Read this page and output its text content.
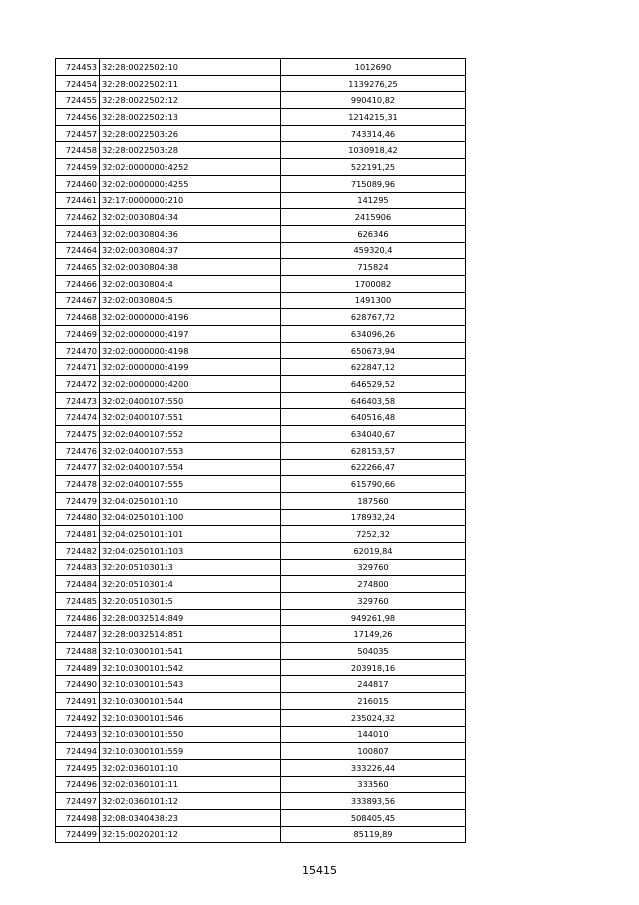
724453	32:28:0022502:10	1012690
724454	32:28:0022502:11	1139276,25
724455	32:28:0022502:12	990410,82
724456	32:28:0022502:13	1214215,31
724457	32:28:0022503:26	743314,46
724458	32:28:0022503:28	1030918,42
724459	32:02:0000000:4252	522191,25
724460	32:02:0000000:4255	715089,96
724461	32:17:0000000:210	141295
724462	32:02:0030804:34	2415906
724463	32:02:0030804:36	626346
724464	32:02:0030804:37	459320,4
724465	32:02:0030804:38	715824
724466	32:02:0030804:4	1700082
724467	32:02:0030804:5	1491300
724468	32:02:0000000:4196	628767,72
724469	32:02:0000000:4197	634096,26
724470	32:02:0000000:4198	650673,94
724471	32:02:0000000:4199	622847,12
724472	32:02:0000000:4200	646529,52
724473	32:02:0400107:550	646403,58
724474	32:02:0400107:551	640516,48
724475	32:02:0400107:552	634040,67
724476	32:02:0400107:553	628153,57
724477	32:02:0400107:554	622266,47
724478	32:02:0400107:555	615790,66
724479	32:04:0250101:10	187560
724480	32:04:0250101:100	178932,24
724481	32:04:0250101:101	7252,32
724482	32:04:0250101:103	62019,84
724483	32:20:0510301:3	329760
724484	32:20:0510301:4	274800
724485	32:20:0510301:5	329760
724486	32:28:0032514:849	949261,98
724487	32:28:0032514:851	17149,26
724488	32:10:0300101:541	504035
724489	32:10:0300101:542	203918,16
724490	32:10:0300101:543	244817
724491	32:10:0300101:544	216015
724492	32:10:0300101:546	235024,32
724493	32:10:0300101:550	144010
724494	32:10:0300101:559	100807
724495	32:02:0360101:10	333226,44
724496	32:02:0360101:11	333560
724497	32:02:0360101:12	333893,56
724498	32:08:0340438:23	508405,45
724499	32:15:0020201:12	85119,89
15415
